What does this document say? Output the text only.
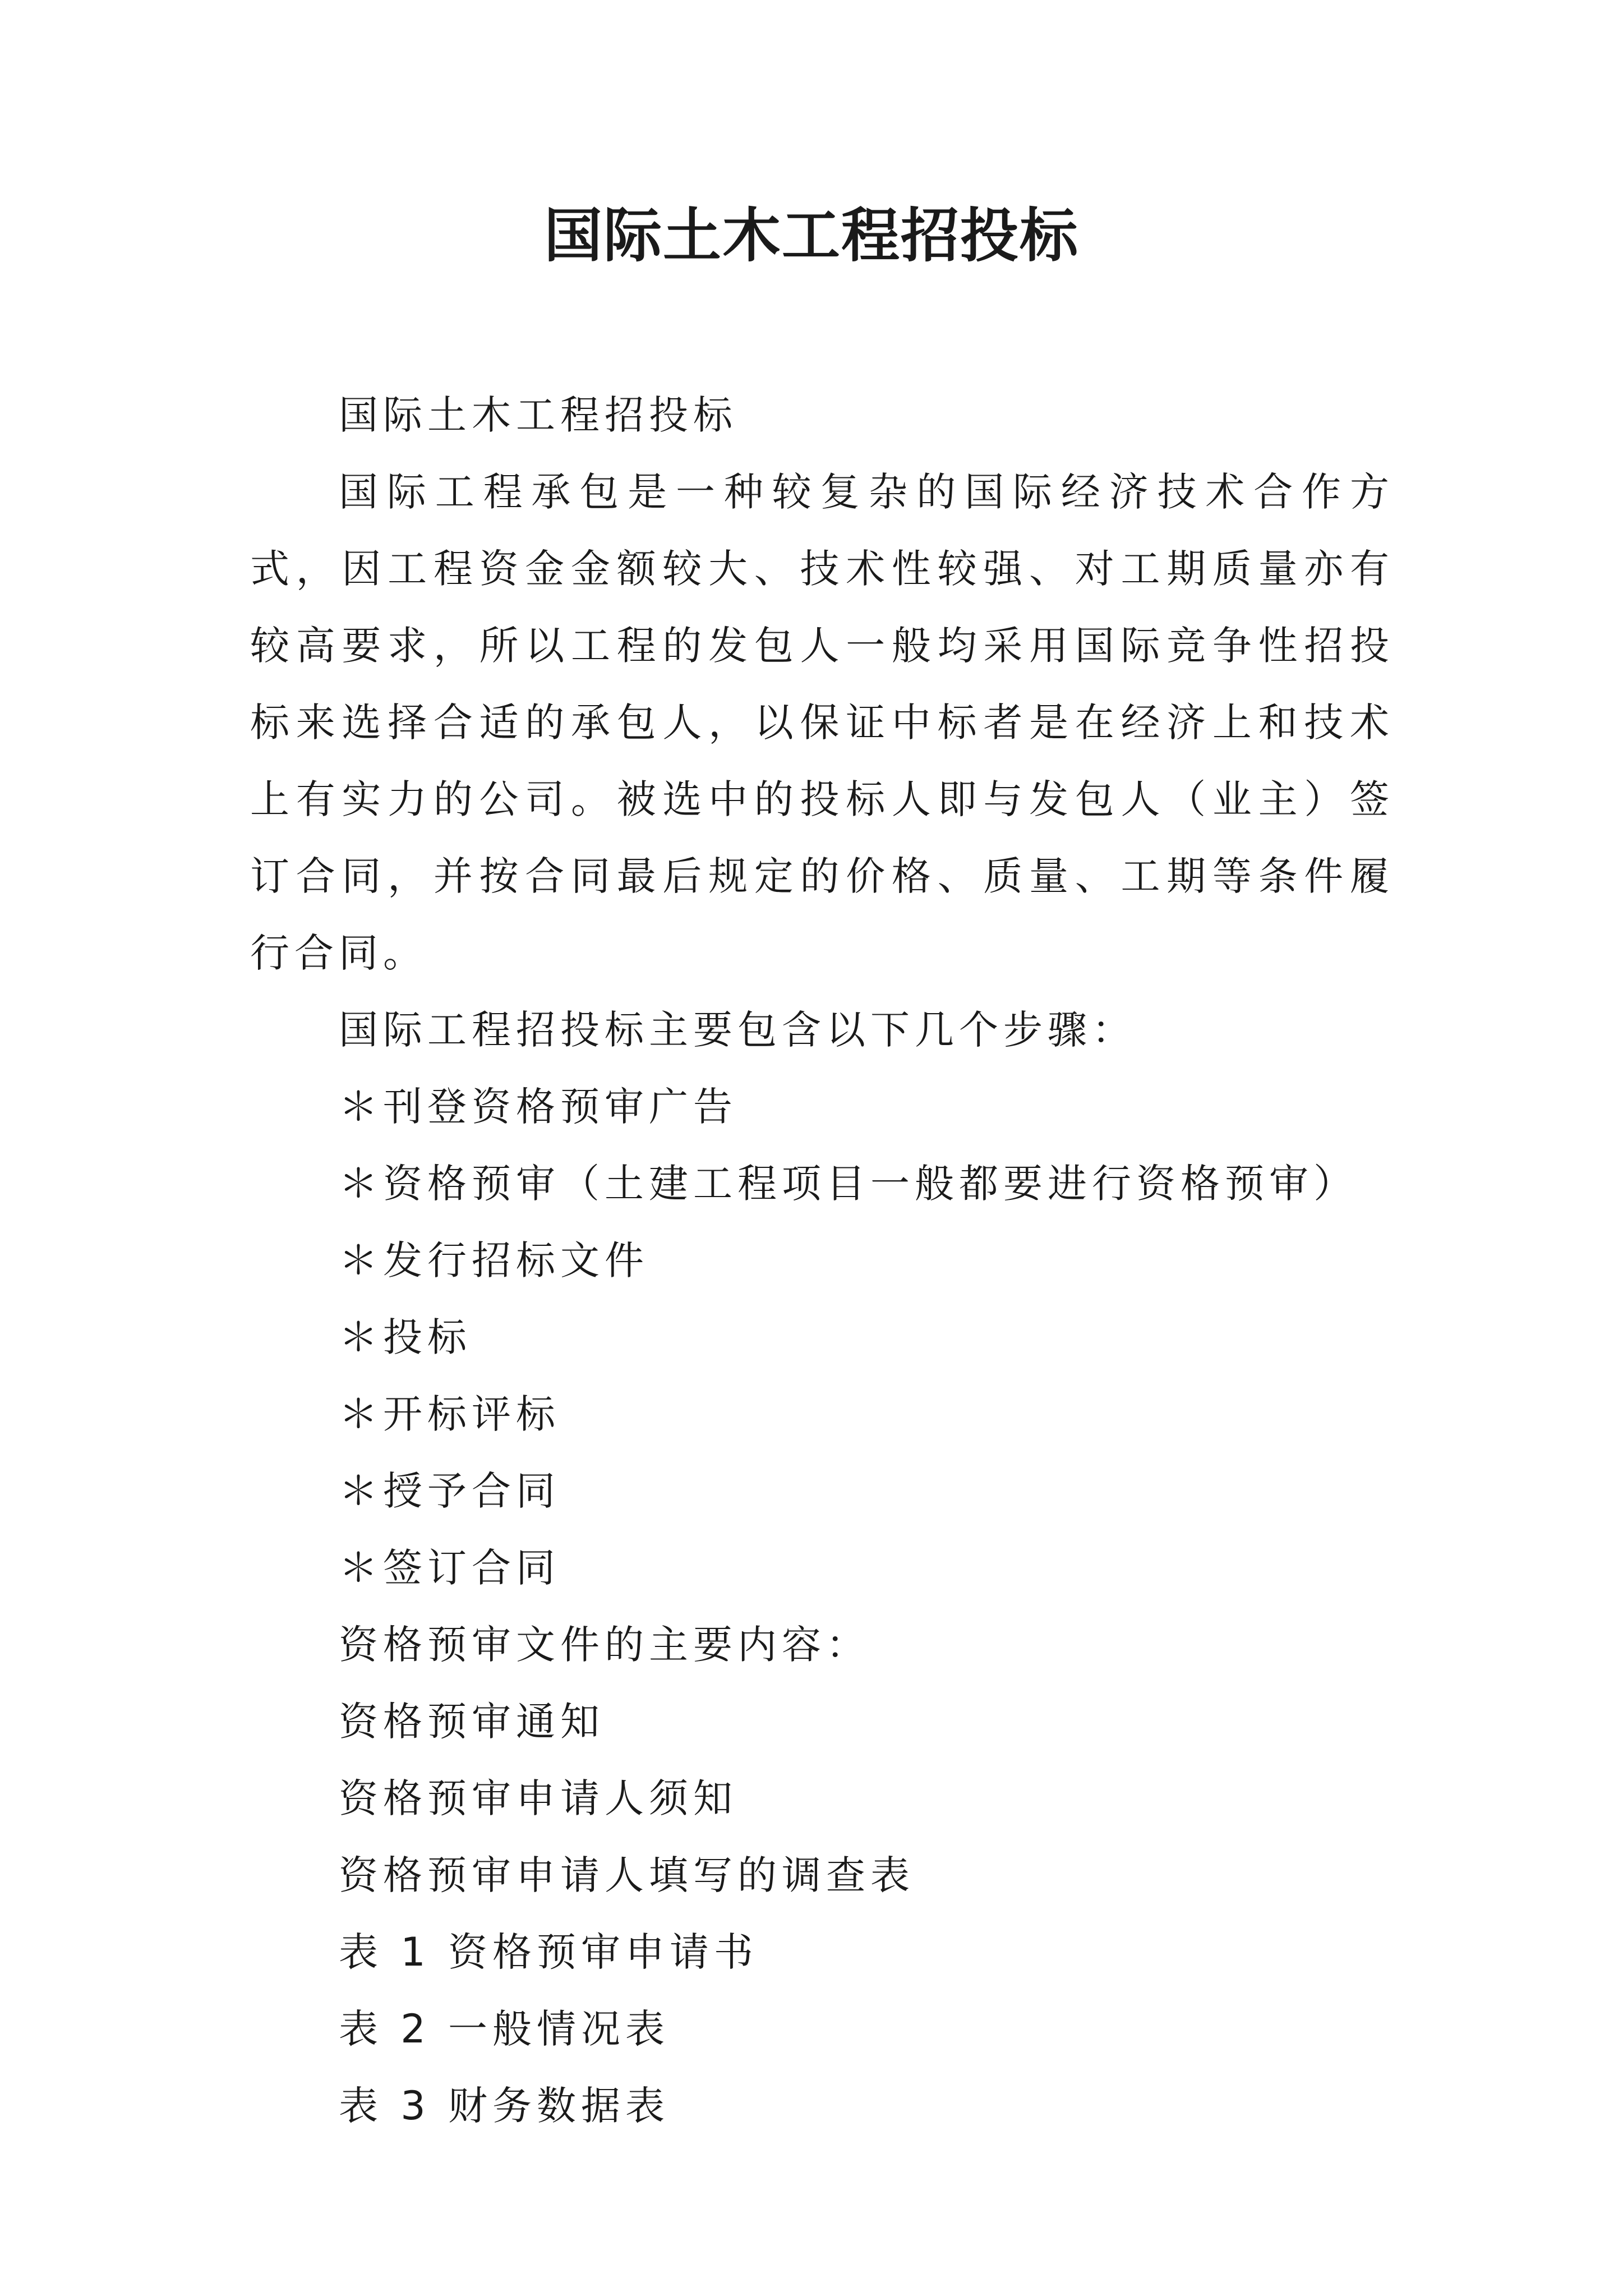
国际土木工程招投标

国际土木工程招投标

国际工程承包是一种较复杂的国际经济技术合作方式，因工程资金金额较大、技术性较强、对工期质量亦有较高要求，所以工程的发包人一般均采用国际竞争性招投标来选择合适的承包人，以保证中标者是在经济上和技术上有实力的公司。被选中的投标人即与发包人（业主）签订合同，并按合同最后规定的价格、质量、工期等条件履行合同。

国际工程招投标主要包含以下几个步骤：

＊刊登资格预审广告

＊资格预审（土建工程项目一般都要进行资格预审）

＊发行招标文件

＊投标

＊开标评标

＊授予合同

＊签订合同

资格预审文件的主要内容：

资格预审通知

资格预审申请人须知

资格预审申请人填写的调查表

表 1 资格预审申请书

表 2 一般情况表

表 3 财务数据表
